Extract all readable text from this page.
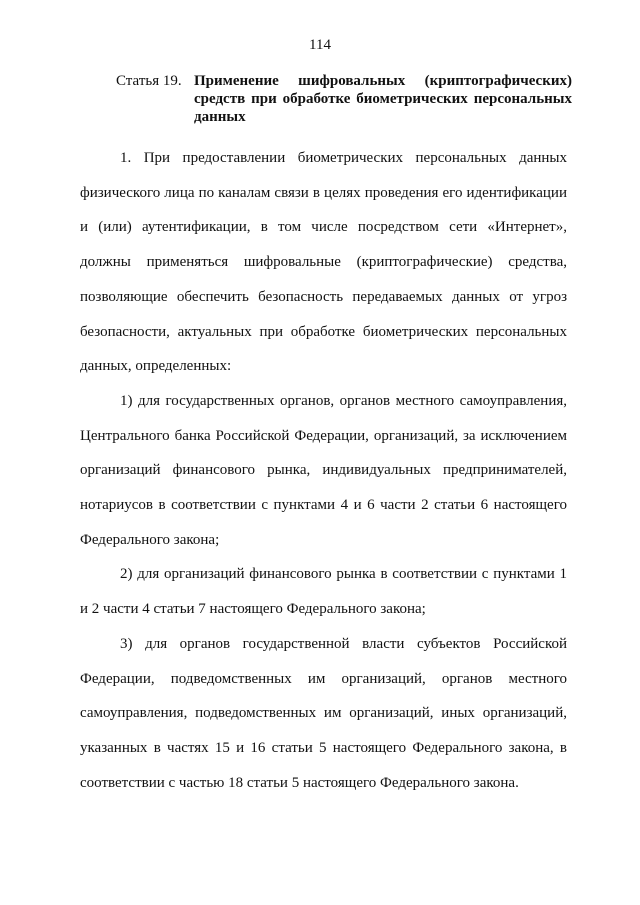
114
Статья 19. Применение шифровальных (криптографических) средств при обработке биометрических персональных данных

1. При предоставлении биометрических персональных данных физического лица по каналам связи в целях проведения его идентификации и (или) аутентификации, в том числе посредством сети «Интернет», должны применяться шифровальные (криптографические) средства, позволяющие обеспечить безопасность передаваемых данных от угроз безопасности, актуальных при обработке биометрических персональных данных, определенных:

1) для государственных органов, органов местного самоуправления, Центрального банка Российской Федерации, организаций, за исключением организаций финансового рынка, индивидуальных предпринимателей, нотариусов в соответствии с пунктами 4 и 6 части 2 статьи 6 настоящего Федерального закона;

2) для организаций финансового рынка в соответствии с пунктами 1 и 2 части 4 статьи 7 настоящего Федерального закона;

3) для органов государственной власти субъектов Российской Федерации, подведомственных им организаций, органов местного самоуправления, подведомственных им организаций, иных организаций, указанных в частях 15 и 16 статьи 5 настоящего Федерального закона, в соответствии с частью 18 статьи 5 настоящего Федерального закона.
